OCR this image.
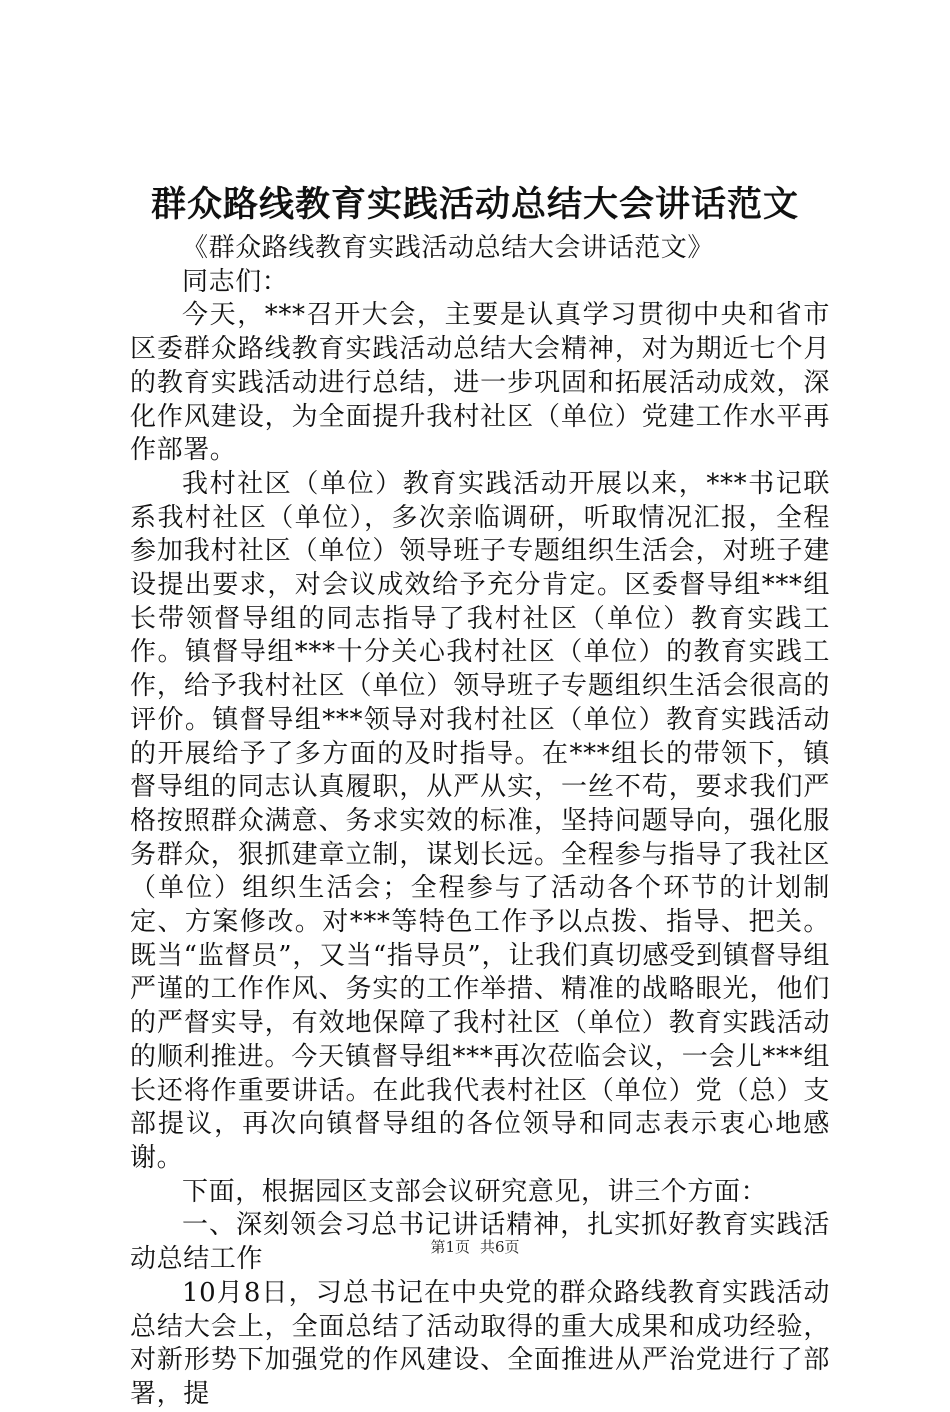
群众路线教育实践活动总结大会讲话范文

《群众路线教育实践活动总结大会讲话范文》

同志们：

今天，***召开大会，主要是认真学习贯彻中央和省市区委群众路线教育实践活动总结大会精神，对为期近七个月的教育实践活动进行总结，进一步巩固和拓展活动成效，深化作风建设，为全面提升我村社区（单位）党建工作水平再作部署。

我村社区（单位）教育实践活动开展以来，***书记联系我村社区（单位），多次亲临调研，听取情况汇报，全程参加我村社区（单位）领导班子专题组织生活会，对班子建设提出要求，对会议成效给予充分肯定。区委督导组***组长带领督导组的同志指导了我村社区（单位）教育实践工作。镇督导组***十分关心我村社区（单位）的教育实践工作，给予我村社区（单位）领导班子专题组织生活会很高的评价。镇督导组***领导对我村社区（单位）教育实践活动的开展给予了多方面的及时指导。在***组长的带领下，镇督导组的同志认真履职，从严从实，一丝不苟，要求我们严格按照群众满意、务求实效的标准，坚持问题导向，强化服务群众，狠抓建章立制，谋划长远。全程参与指导了我社区（单位）组织生活会；全程参与了活动各个环节的计划制定、方案修改。对***等特色工作予以点拨、指导、把关。既当“监督员”，又当“指导员”，让我们真切感受到镇督导组严谨的工作作风、务实的工作举措、精准的战略眼光，他们的严督实导，有效地保障了我村社区（单位）教育实践活动的顺利推进。今天镇督导组***再次莅临会议，一会儿***组长还将作重要讲话。在此我代表村社区（单位）党（总）支部提议，再次向镇督导组的各位领导和同志表示衷心地感谢。

下面，根据园区支部会议研究意见，讲三个方面：

一、深刻领会习总书记讲话精神，扎实抓好教育实践活动总结工作

10月8日，习总书记在中央党的群众路线教育实践活动总结大会上，全面总结了活动取得的重大成果和成功经验，对新形势下加强党的作风建设、全面推进从严治党进行了部署，提

第1页 共6页
